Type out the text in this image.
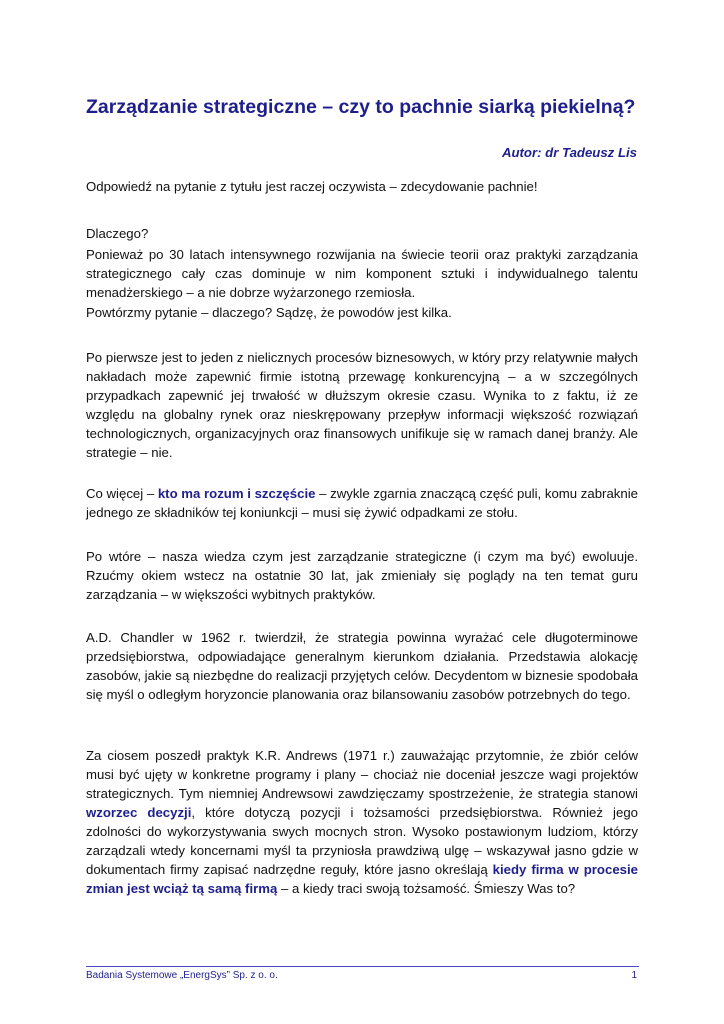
Zarządzanie strategiczne – czy to pachnie siarką piekielną?

Autor: dr Tadeusz Lis

Odpowiedź na pytanie z tytułu jest raczej oczywista – zdecydowanie pachnie!

Dlaczego?

Ponieważ po 30 latach intensywnego rozwijania na świecie teorii oraz praktyki zarządzania strategicznego cały czas dominuje w nim komponent sztuki i indywidualnego talentu menadżerskiego – a nie dobrze wyżarzonego rzemiosła.

Powtórzmy pytanie – dlaczego? Sądzę, że powodów jest kilka.

Po pierwsze jest to jeden z nielicznych procesów biznesowych, w który przy relatywnie małych nakładach może zapewnić firmie istotną przewagę konkurencyjną – a w szczególnych przypadkach zapewnić jej trwałość w dłuższym okresie czasu. Wynika to z faktu, iż ze względu na globalny rynek oraz nieskrępowany przepływ informacji większość rozwiązań technologicznych, organizacyjnych oraz finansowych unifikuje się w ramach danej branży. Ale strategie – nie.

Co więcej – kto ma rozum i szczęście – zwykle zgarnia znaczącą część puli, komu zabraknie jednego ze składników tej koniunkcji – musi się żywić odpadkami ze stołu.

Po wtóre – nasza wiedza czym jest zarządzanie strategiczne (i czym ma być) ewoluuje. Rzućmy okiem wstecz na ostatnie 30 lat, jak zmieniały się poglądy na ten temat guru zarządzania – w większości wybitnych praktyków.

A.D. Chandler w 1962 r. twierdził, że strategia powinna wyrażać cele długoterminowe przedsiębiorstwa, odpowiadające generalnym kierunkom działania. Przedstawia alokację zasobów, jakie są niezbędne do realizacji przyjętych celów. Decydentom w biznesie spodobała się myśl o odległym horyzoncie planowania oraz bilansowaniu zasobów potrzebnych do tego.

Za ciosem poszedł praktyk K.R. Andrews (1971 r.) zauważając przytomnie, że zbiór celów musi być ujęty w konkretne programy i plany – chociaż nie doceniał jeszcze wagi projektów strategicznych. Tym niemniej Andrewsowi zawdzięczamy spostrzeżenie, że strategia stanowi wzorzec decyzji, które dotyczą pozycji i tożsamości przedsiębiorstwa. Również jego zdolności do wykorzystywania swych mocnych stron. Wysoko postawionym ludziom, którzy zarządzali wtedy koncernami myśl ta przyniosła prawdziwą ulgę – wskazywał jasno gdzie w dokumentach firmy zapisać nadrzędne reguły, które jasno określają kiedy firma w procesie zmian jest wciąż tą samą firmą – a kiedy traci swoją tożsamość. Śmieszy Was to?

Badania Systemowe „EnergSys” Sp. z o. o.	1
